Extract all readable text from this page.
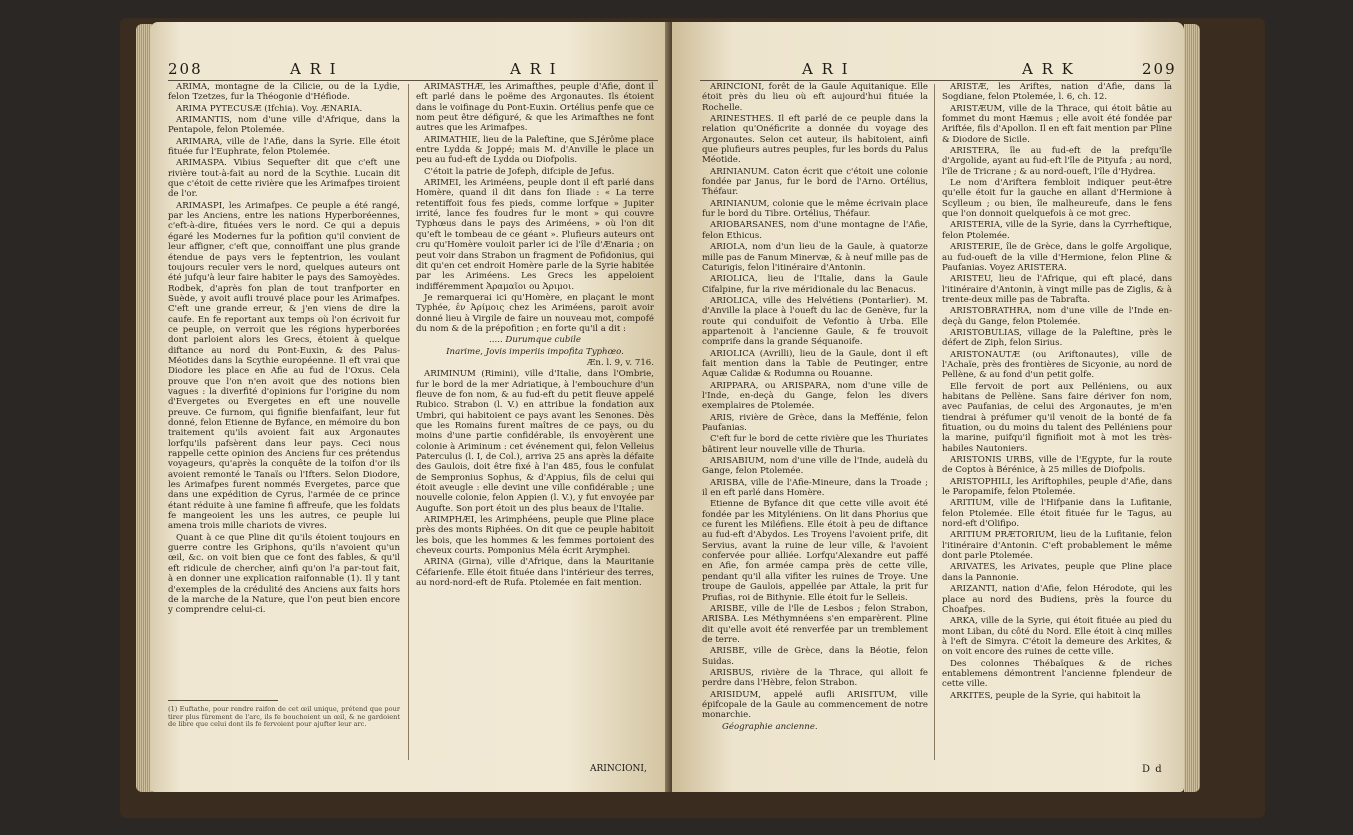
208	A R I	A R I

ARIMA, montagne de la Cilicie, ou de la Lydie, felon Tzetzes, fur la Théogonie d'Héfiode.

ARIMA PYTECUSÆ (Ifchia). Voy. ÆNARIA.

ARIMANTIS, nom d'une ville d'Afrique, dans la Pentapole, felon Ptolemée.

ARIMARA, ville de l'Afie, dans la Syrie. Elle étoit fituée fur l'Euphrate, felon Ptolemée.

ARIMASPA. Vibius Sequefter dit que c'eft une rivière tout-à-fait au nord de la Scythie. Lucain dit que c'étoit de cette rivière que les Arimafpes tiroient de l'or.

ARIMASPI, les Arimafpes. Ce peuple a été rangé, par les Anciens, entre les nations Hyperboréennes, c'eft-à-dire, fituées vers le nord. Ce qui a depuis égaré les Modernes fur la pofition qu'il convient de leur affigner, c'eft que, connoiffant une plus grande étendue de pays vers le feptentrion, les voulant toujours reculer vers le nord, quelques auteurs ont été jufqu'à leur faire habiter le pays des Samoyèdes. Rodbek, d'après fon plan de tout tranfporter en Suède, y avoit aufli trouvé place pour les Arimafpes. C'eft une grande erreur, & j'en viens de dire la caufe. En fe reportant aux temps où l'on écrivoit fur ce peuple, on verroit que les régions hyperborées dont parloient alors les Grecs, étoient à quelque diftance au nord du Pont-Euxin, & des Palus-Méotides dans la Scythie européenne. Il eft vrai que Diodore les place en Afie au fud de l'Oxus. Cela prouve que l'on n'en avoit que des notions bien vagues : la diverfité d'opinions fur l'origine du nom d'Evergetes ou Evergetes en eft une nouvelle preuve. Ce furnom, qui fignifie bienfaifant, leur fut donné, felon Etienne de Byfance, en mémoire du bon traitement qu'ils avoient fait aux Argonautes lorfqu'ils pafsèrent dans leur pays. Ceci nous rappelle cette opinion des Anciens fur ces prétendus voyageurs, qu'après la conquête de la toifon d'or ils avoient remonté le Tanaïs ou l'Ifters. Selon Diodore, les Arimafpes furent nommés Evergetes, parce que dans une expédition de Cyrus, l'armée de ce prince étant réduite à une famine fi affreufe, que les foldats fe mangeoient les uns les autres, ce peuple lui amena trois mille chariots de vivres.

Quant à ce que Pline dit qu'ils étoient toujours en guerre contre les Griphons, qu'ils n'avoient qu'un œil, &c. on voit bien que ce font des fables, & qu'il eft ridicule de chercher, ainfi qu'on l'a par-tout fait, à en donner une explication raifonnable (1). Il y tant d'exemples de la crédulité des Anciens aux faits hors de la marche de la Nature, que l'on peut bien encore y comprendre celui-ci.

(1) Euftathe, pour rendre raifon de cet œil unique, prétend que pour tirer plus fûrement de l'arc, ils fe bouchoient un œil, & ne gardoient de libre que celui dont ils fe fervoient pour ajufter leur arc.

ARIMASTHÆ, les Arimafthes, peuple d'Afie, dont il eft parlé dans le poëme des Argonautes. Ils étoient dans le voifinage du Pont-Euxin. Ortélius penfe que ce nom peut être défiguré, & que les Arimafthes ne font autres que les Arimafpes.

ARIMATHIE, lieu de la Paleftine, que S.Jérôme place entre Lydda & Joppé; mais M. d'Anville le place un peu au fud-eft de Lydda ou Diofpolis.

C'étoit la patrie de Jofeph, difciple de Jefus.

ARIMEI, les Ariméens, peuple dont il eft parlé dans Homère, quand il dit dans fon Iliade : « La terre retentiffoit fous fes pieds, comme lorfque » Jupiter irrité, lance fes foudres fur le mont » qui couvre Typhœus dans le pays des Ariméens, » où l'on dit qu'eft le tombeau de ce géant ». Plufieurs auteurs ont cru qu'Homère vouloit parler ici de l'île d'Ænaria ; on peut voir dans Strabon un fragment de Pofidonius, qui dit qu'en cet endroit Homère parle de la Syrie habitée par les Ariméens. Les Grecs les appeloient indifféremment Ἀραμαῖοι ou Ἀριμοι.

Je remarquerai ici qu'Homère, en plaçant le mont Typhée, ἐν Ἀρίμοις chez les Ariméens, paroit avoir donné lieu à Virgile de faire un nouveau mot, compofé du nom & de la prépofition ; en forte qu'il a dit :

..... Durumque cubile

Inarime, Jovis imperiis impofita Typhœo.

Æn. l. 9, v. 716.

ARIMINUM (Rimini), ville d'Italie, dans l'Ombrie, fur le bord de la mer Adriatique, à l'embouchure d'un fleuve de fon nom, & au fud-eft du petit fleuve appelé Rubico. Strabon (l. V.) en attribue la fondation aux Umbri, qui habitoient ce pays avant les Senones. Dès que les Romains furent maîtres de ce pays, ou du moins d'une partie confidérable, ils envoyèrent une colonie à Ariminum : cet événement qui, felon Velleius Paterculus (l. I, de Col.), arriva 25 ans après la défaite des Gaulois, doit être fixé à l'an 485, fous le confulat de Sempronius Sophus, & d'Appius, fils de celui qui étoit aveugle : elle devint une ville confidérable ; une nouvelle colonie, felon Appien (l. V.), y fut envoyée par Augufte. Son port étoit un des plus beaux de l'Italie.

ARIMPHÆI, les Arimphéens, peuple que Pline place près des monts Riphées. On dit que ce peuple habitoit les bois, que les hommes & les femmes portoient des cheveux courts. Pomponius Méla écrit Arymphei.

ARINA (Girna), ville d'Afrique, dans la Mauritanie Céfarienfe. Elle étoit fituée dans l'intérieur des terres, au nord-nord-eft de Rufa. Ptolemée en fait mention.

ARINCIONI,
A R I	A R K	209

ARINCIONI, forêt de la Gaule Aquitanique. Elle étoit près du lieu où eft aujourd'hui fituée la Rochelle.

ARINESTHES. Il eft parlé de ce peuple dans la relation qu'Onéficrite a donnée du voyage des Argonautes. Selon cet auteur, ils habitoient, ainfi que plufieurs autres peuples, fur les bords du Palus Méotide.

ARINIANUM. Caton écrit que c'étoit une colonie fondée par Janus, fur le bord de l'Arno. Ortélius, Théfaur.

ARINIANUM, colonie que le même écrivain place fur le bord du Tibre. Ortélius, Théfaur.

ARIOBARSANES, nom d'une montagne de l'Afie, felon Ethicus.

ARIOLA, nom d'un lieu de la Gaule, à quatorze mille pas de Fanum Minervæ, & à neuf mille pas de Caturigis, felon l'itinéraire d'Antonin.

ARIOLICA, lieu de l'Italie, dans la Gaule Cifalpine, fur la rive méridionale du lac Benacus.

ARIOLICA, ville des Helvétiens (Pontarlier). M. d'Anville la place à l'oueft du lac de Genève, fur la route qui conduifoit de Vefontio à Urba. Elle appartenoit à l'ancienne Gaule, & fe trouvoit comprife dans la grande Séquanoife.

ARIOLICA (Avrilli), lieu de la Gaule, dont il eft fait mention dans la Table de Peutinger, entre Aquæ Calidæ & Rodumna ou Rouanne.

ARIPPARA, ou ARISPARA, nom d'une ville de l'Inde, en-deçà du Gange, felon les divers exemplaires de Ptolemée.

ARIS, rivière de Grèce, dans la Meffénie, felon Paufanias.

C'eft fur le bord de cette rivière que les Thuriates bâtirent leur nouvelle ville de Thuria.

ARISABIUM, nom d'une ville de l'Inde, audelà du Gange, felon Ptolemée.

ARISBA, ville de l'Afie-Mineure, dans la Troade ; il en eft parlé dans Homère.

Etienne de Byfance dit que cette ville avoit été fondée par les Mityléniens. On lit dans Phorius que ce furent les Miléfiens. Elle étoit à peu de diftance au fud-eft d'Abydos. Les Troyens l'avoient prife, dit Servius, avant la ruine de leur ville, & l'avoient confervée pour alliée. Lorfqu'Alexandre eut paffé en Afie, fon armée campa près de cette ville, pendant qu'il alla vifiter les ruines de Troye. Une troupe de Gaulois, appellée par Attale, la prit fur Prufias, roi de Bithynie. Elle étoit fur le Selleis.

ARISBE, ville de l'île de Lesbos ; felon Strabon, ARISBA. Les Méthymnéens s'en emparèrent. Pline dit qu'elle avoit été renverfée par un tremblement de terre.

ARISBE, ville de Grèce, dans la Béotie, felon Suidas.

ARISBUS, rivière de la Thrace, qui alloit fe perdre dans l'Hèbre, felon Strabon.

ARISIDUM, appelé aufli ARISITUM, ville épifcopale de la Gaule au commencement de notre monarchie.

Géographie ancienne.

ARISTÆ, les Ariftes, nation d'Afie, dans la Sogdiane, felon Ptolemée, l. 6, ch. 12.

ARISTÆUM, ville de la Thrace, qui étoit bâtie au fommet du mont Hæmus ; elle avoit été fondée par Ariftée, fils d'Apollon. Il en eft fait mention par Pline & Diodore de Sicile.

ARISTERA, île au fud-eft de la prefqu'île d'Argolide, ayant au fud-eft l'île de Pityufa ; au nord, l'île de Tricrane ; & au nord-oueft, l'île d'Hydrea.

Le nom d'Ariftera fembloit indiquer peut-être qu'elle étoit fur la gauche en allant d'Hermione à Scylleum ; ou bien, île malheureufe, dans le fens que l'on donnoit quelquefois à ce mot grec.

ARISTERIA, ville de la Syrie, dans la Cyrrheftique, felon Ptolemée.

ARISTERIE, île de Grèce, dans le golfe Argolique, au fud-oueft de la ville d'Hermione, felon Pline & Paufanias. Voyez ARISTERA.

ARISTEU, lieu de l'Afrique, qui eft placé, dans l'itinéraire d'Antonin, à vingt mille pas de Ziglis, & à trente-deux mille pas de Tabrafta.

ARISTOBRATHRA, nom d'une ville de l'Inde en-deçà du Gange, felon Ptolemée.

ARISTOBULIAS, village de la Paleftine, près le défert de Ziph, felon Sirius.

ARISTONAUTÆ (ou Ariftonautes), ville de l'Achaïe, près des frontières de Sicyonie, au nord de Pellène, & au fond d'un petit golfe.

Elle fervoit de port aux Pelléniens, ou aux habitans de Pellène. Sans faire dériver fon nom, avec Paufanias, de celui des Argonautes, je m'en tiendrai à préfumer qu'il venoit de la bonté de fa fituation, ou du moins du talent des Pelléniens pour la marine, puifqu'il fignifioit mot à mot les très-habiles Nautoniers.

ARISTONIS URBS, ville de l'Egypte, fur la route de Coptos à Bérénice, à 25 milles de Diofpolis.

ARISTOPHILI, les Ariftophiles, peuple d'Afie, dans le Paropamife, felon Ptolemée.

ARITIUM, ville de l'Hifpanie dans la Lufitanie, felon Ptolemée. Elle étoit fituée fur le Tagus, au nord-eft d'Olifipo.

ARITIUM PRÆTORIUM, lieu de la Lufitanie, felon l'itinéraire d'Antonin. C'eft probablement le même dont parle Ptolemée.

ARIVATES, les Arivates, peuple que Pline place dans la Pannonie.

ARIZANTI, nation d'Afie, felon Hérodote, qui les place au nord des Budiens, près la fource du Choafpes.

ARKA, ville de la Syrie, qui étoit fituée au pied du mont Liban, du côté du Nord. Elle étoit à cinq milles à l'eft de Simyra. C'étoit la demeure des Arkites, & on voit encore des ruines de cette ville.

Des colonnes Thébaïques & de riches entablemens démontrent l'ancienne fplendeur de cette ville.

ARKITES, peuple de la Syrie, qui habitoit la

D d
